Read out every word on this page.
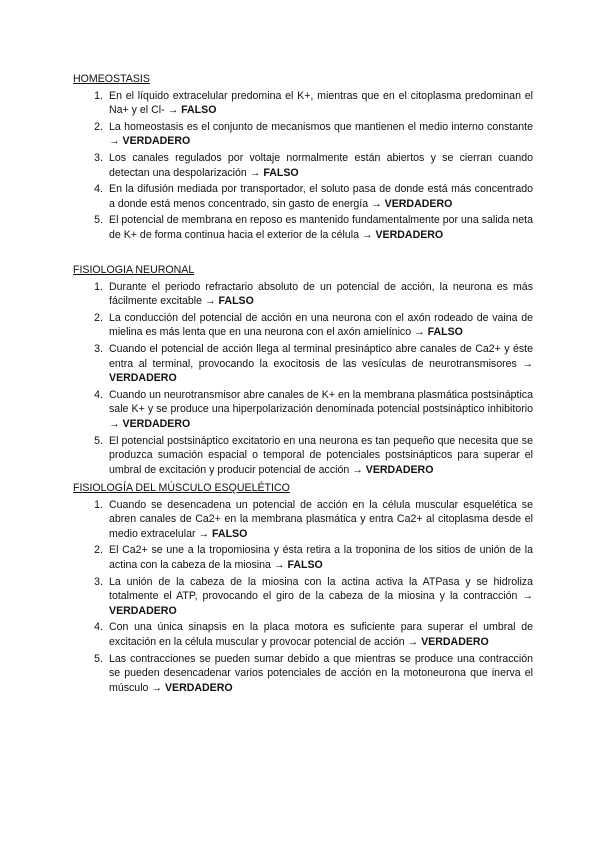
HOMEOSTASIS
1. En el líquido extracelular predomina el K+, mientras que en el citoplasma predominan el Na+ y el Cl- → FALSO
2. La homeostasis es el conjunto de mecanismos que mantienen el medio interno constante → VERDADERO
3. Los canales regulados por voltaje normalmente están abiertos y se cierran cuando detectan una despolarización → FALSO
4. En la difusión mediada por transportador, el soluto pasa de donde está más concentrado a donde está menos concentrado, sin gasto de energía → VERDADERO
5. El potencial de membrana en reposo es mantenido fundamentalmente por una salida neta de K+ de forma continua hacia el exterior de la célula → VERDADERO
FISIOLOGIA NEURONAL
1. Durante el periodo refractario absoluto de un potencial de acción, la neurona es más fácilmente excitable → FALSO
2. La conducción del potencial de acción en una neurona con el axón rodeado de vaina de mielina es más lenta que en una neurona con el axón amielínico → FALSO
3. Cuando el potencial de acción llega al terminal presináptico abre canales de Ca2+ y éste entra al terminal, provocando la exocitosis de las vesículas de neurotransmisores → VERDADERO
4. Cuando un neurotransmisor abre canales de K+ en la membrana plasmática postsináptica sale K+ y se produce una hiperpolarización denominada potencial postsináptico inhibitorio → VERDADERO
5. El potencial postsináptico excitatorio en una neurona es tan pequeño que necesita que se produzca sumación espacial o temporal de potenciales postsinápticos para superar el umbral de excitación y producir potencial de acción → VERDADERO
FISIOLOGÍA DEL MÚSCULO ESQUELÉTICO
1. Cuando se desencadena un potencial de acción en la célula muscular esquelética se abren canales de Ca2+ en la membrana plasmática y entra Ca2+ al citoplasma desde el medio extracelular → FALSO
2. El Ca2+ se une a la tropomiosina y ésta retira a la troponina de los sitios de unión de la actina con la cabeza de la miosina → FALSO
3. La unión de la cabeza de la miosina con la actina activa la ATPasa y se hidroliza totalmente el ATP, provocando el giro de la cabeza de la miosina y la contracción → VERDADERO
4. Con una única sinapsis en la placa motora es suficiente para superar el umbral de excitación en la célula muscular y provocar potencial de acción → VERDADERO
5. Las contracciones se pueden sumar debido a que mientras se produce una contracción se pueden desencadenar varios potenciales de acción en la motoneurona que inerva el músculo → VERDADERO
